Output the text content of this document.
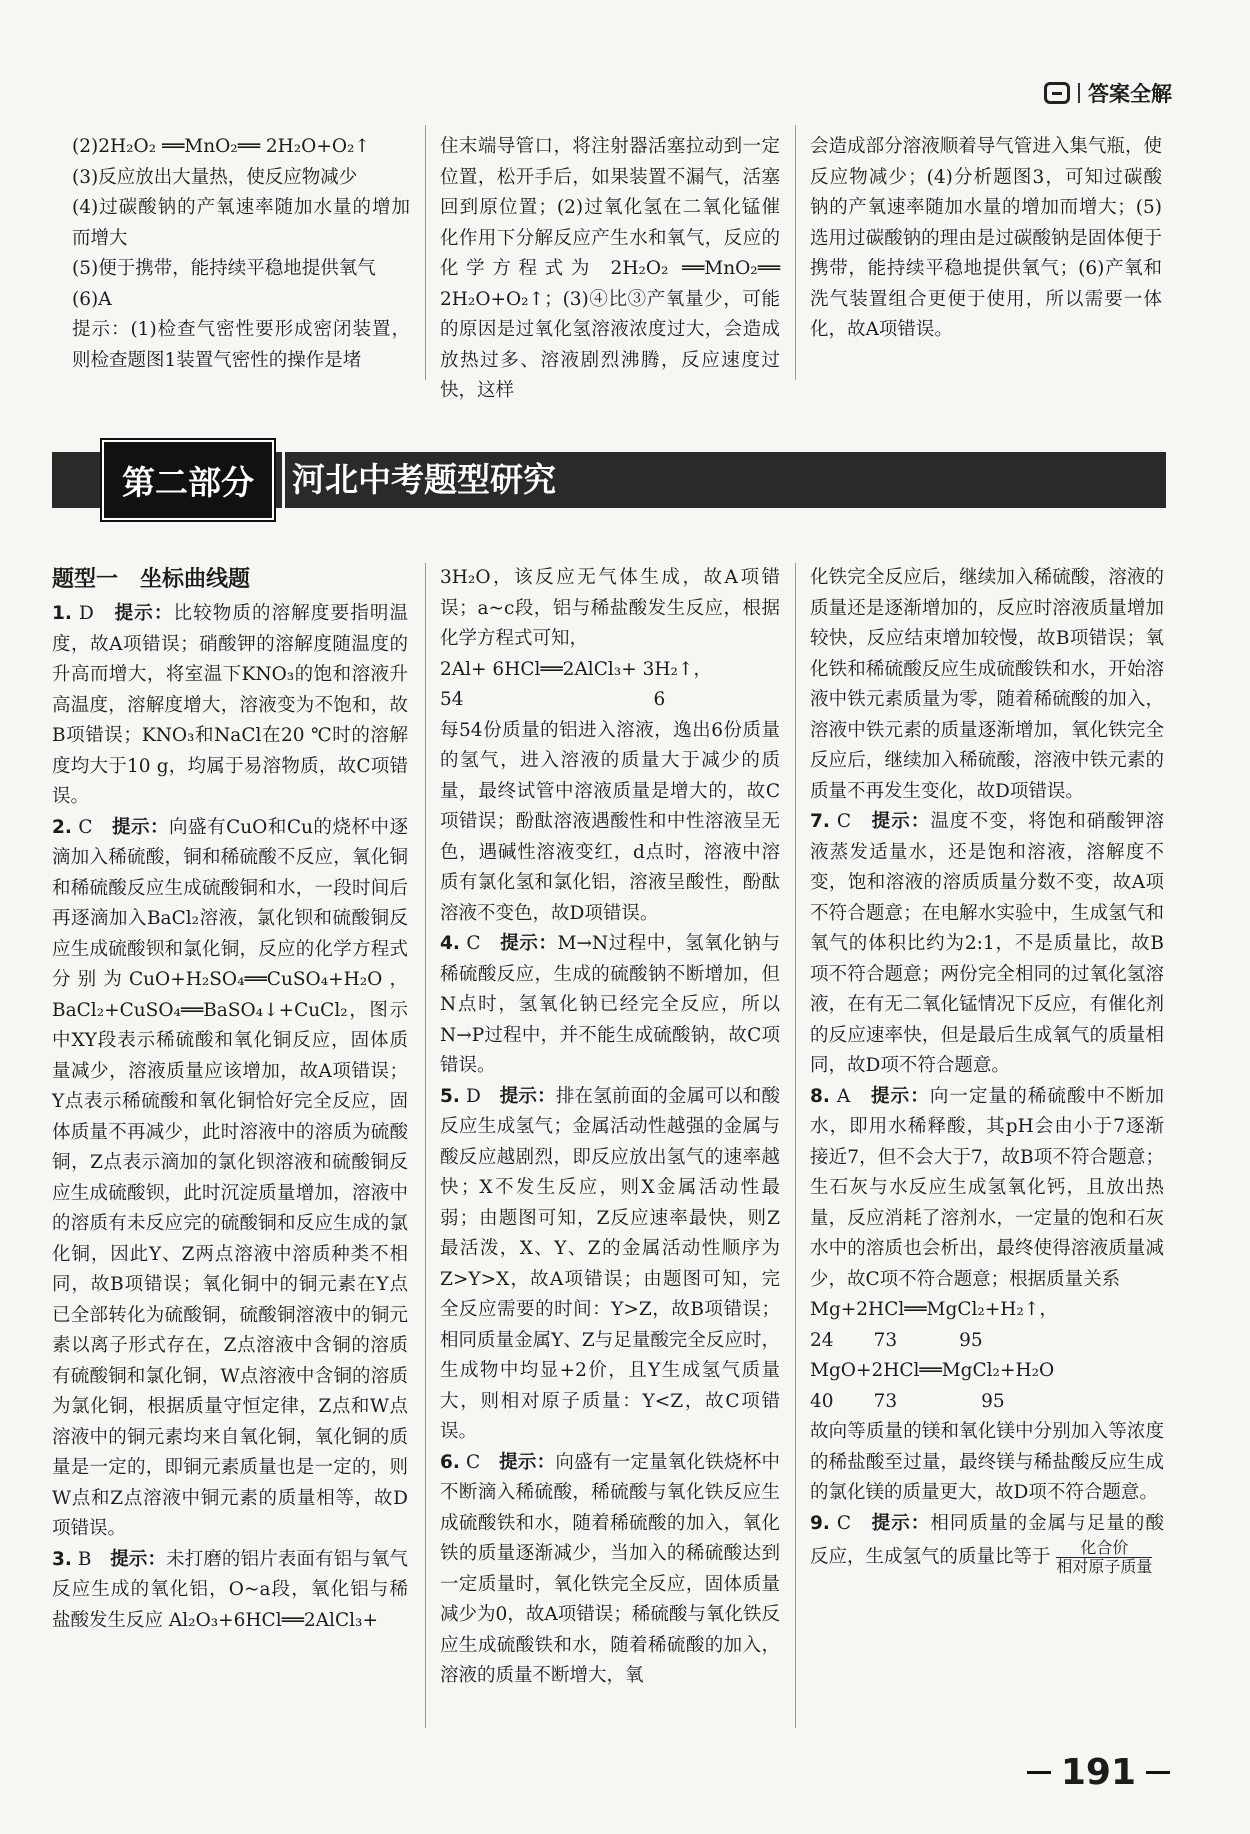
答案全解

(2)2H₂O₂ ══MnO₂══ 2H₂O+O₂↑

(3)反应放出大量热，使反应物减少

(4)过碳酸钠的产氧速率随加水量的增加而增大

(5)便于携带，能持续平稳地提供氧气

(6)A

提示：(1)检查气密性要形成密闭装置，则检查题图1装置气密性的操作是堵

住末端导管口，将注射器活塞拉动到一定位置，松开手后，如果装置不漏气，活塞回到原位置；(2)过氧化氢在二氧化锰催化作用下分解反应产生水和氧气，反应的化学方程式为 2H₂O₂ ══MnO₂══ 2H₂O+O₂↑；(3)④比③产氧量少，可能的原因是过氧化氢溶液浓度过大，会造成放热过多、溶液剧烈沸腾，反应速度过快，这样

会造成部分溶液顺着导气管进入集气瓶，使反应物减少；(4)分析题图3，可知过碳酸钠的产氧速率随加水量的增加而增大；(5)选用过碳酸钠的理由是过碳酸钠是固体便于携带，能持续平稳地提供氧气；(6)产氧和洗气装置组合更便于使用，所以需要一体化，故A项错误。

第二部分	河北中考题型研究

题型一　坐标曲线题

1. D　 提示：比较物质的溶解度要指明温度，故A项错误；硝酸钾的溶解度随温度的升高而增大，将室温下KNO₃的饱和溶液升高温度，溶解度增大，溶液变为不饱和，故B项错误；KNO₃和NaCl在20 ℃时的溶解度均大于10 g，均属于易溶物质，故C项错误。

2. C　 提示：向盛有CuO和Cu的烧杯中逐滴加入稀硫酸，铜和稀硫酸不反应，氧化铜和稀硫酸反应生成硫酸铜和水，一段时间后再逐滴加入BaCl₂溶液，氯化钡和硫酸铜反应生成硫酸钡和氯化铜，反应的化学方程式分别为CuO+H₂SO₄══CuSO₄+H₂O，BaCl₂+CuSO₄══BaSO₄↓+CuCl₂，图示中XY段表示稀硫酸和氧化铜反应，固体质量减少，溶液质量应该增加，故A项错误；Y点表示稀硫酸和氧化铜恰好完全反应，固体质量不再减少，此时溶液中的溶质为硫酸铜，Z点表示滴加的氯化钡溶液和硫酸铜反应生成硫酸钡，此时沉淀质量增加，溶液中的溶质有未反应完的硫酸铜和反应生成的氯化铜，因此Y、Z两点溶液中溶质种类不相同，故B项错误；氧化铜中的铜元素在Y点已全部转化为硫酸铜，硫酸铜溶液中的铜元素以离子形式存在，Z点溶液中含铜的溶质有硫酸铜和氯化铜，W点溶液中含铜的溶质为氯化铜，根据质量守恒定律，Z点和W点溶液中的铜元素均来自氧化铜，氧化铜的质量是一定的，即铜元素质量也是一定的，则W点和Z点溶液中铜元素的质量相等，故D项错误。

3. B　 提示：未打磨的铝片表面有铝与氧气反应生成的氧化铝，O~a段，氧化铝与稀盐酸发生反应 Al₂O₃+6HCl══2AlCl₃+

3H₂O，该反应无气体生成，故A项错误；a~c段，铝与稀盐酸发生反应，根据化学方程式可知，

2Al+ 6HCl══2AlCl₃+ 3H₂↑，

54	6

每54份质量的铝进入溶液，逸出6份质量的氢气，进入溶液的质量大于减少的质量，最终试管中溶液质量是增大的，故C项错误；酚酞溶液遇酸性和中性溶液呈无色，遇碱性溶液变红，d点时，溶液中溶质有氯化氢和氯化铝，溶液呈酸性，酚酞溶液不变色，故D项错误。

4. C　 提示：M→N过程中，氢氧化钠与稀硫酸反应，生成的硫酸钠不断增加，但N点时，氢氧化钠已经完全反应，所以N→P过程中，并不能生成硫酸钠，故C项错误。

5. D　 提示：排在氢前面的金属可以和酸反应生成氢气；金属活动性越强的金属与酸反应越剧烈，即反应放出氢气的速率越快；X不发生反应，则X金属活动性最弱；由题图可知，Z反应速率最快，则Z最活泼，X、Y、Z的金属活动性顺序为Z>Y>X，故A项错误；由题图可知，完全反应需要的时间：Y>Z，故B项错误；相同质量金属Y、Z与足量酸完全反应时，生成物中均显+2价，且Y生成氢气质量大，则相对原子质量：Y<Z，故C项错误。

6. C　 提示：向盛有一定量氧化铁烧杯中不断滴入稀硫酸，稀硫酸与氧化铁反应生成硫酸铁和水，随着稀硫酸的加入，氧化铁的质量逐渐减少，当加入的稀硫酸达到一定质量时，氧化铁完全反应，固体质量减少为0，故A项错误；稀硫酸与氧化铁反应生成硫酸铁和水，随着稀硫酸的加入，溶液的质量不断增大，氧

化铁完全反应后，继续加入稀硫酸，溶液的质量还是逐渐增加的，反应时溶液质量增加较快，反应结束增加较慢，故B项错误；氧化铁和稀硫酸反应生成硫酸铁和水，开始溶液中铁元素质量为零，随着稀硫酸的加入，溶液中铁元素的质量逐渐增加，氧化铁完全反应后，继续加入稀硫酸，溶液中铁元素的质量不再发生变化，故D项错误。

7. C　 提示：温度不变，将饱和硝酸钾溶液蒸发适量水，还是饱和溶液，溶解度不变，饱和溶液的溶质质量分数不变，故A项不符合题意；在电解水实验中，生成氢气和氧气的体积比约为2:1，不是质量比，故B项不符合题意；两份完全相同的过氧化氢溶液，在有无二氧化锰情况下反应，有催化剂的反应速率快，但是最后生成氧气的质量相同，故D项不符合题意。

8. A　 提示：向一定量的稀硫酸中不断加水，即用水稀释酸，其pH会由小于7逐渐接近7，但不会大于7，故B项不符合题意；生石灰与水反应生成氢氧化钙，且放出热量，反应消耗了溶剂水，一定量的饱和石灰水中的溶质也会析出，最终使得溶液质量减少，故C项不符合题意；根据质量关系

Mg+2HCl══MgCl₂+H₂↑，

24 73	95

MgO+2HCl══MgCl₂+H₂O

40 73	95

故向等质量的镁和氧化镁中分别加入等浓度的稀盐酸至过量，最终镁与稀盐酸反应生成的氯化镁的质量更大，故D项不符合题意。

9. C　 提示：相同质量的金属与足量的酸反应，生成氢气的质量比等于 $\frac{\text{化合价}}{\text{相对原子质量}}$

191
